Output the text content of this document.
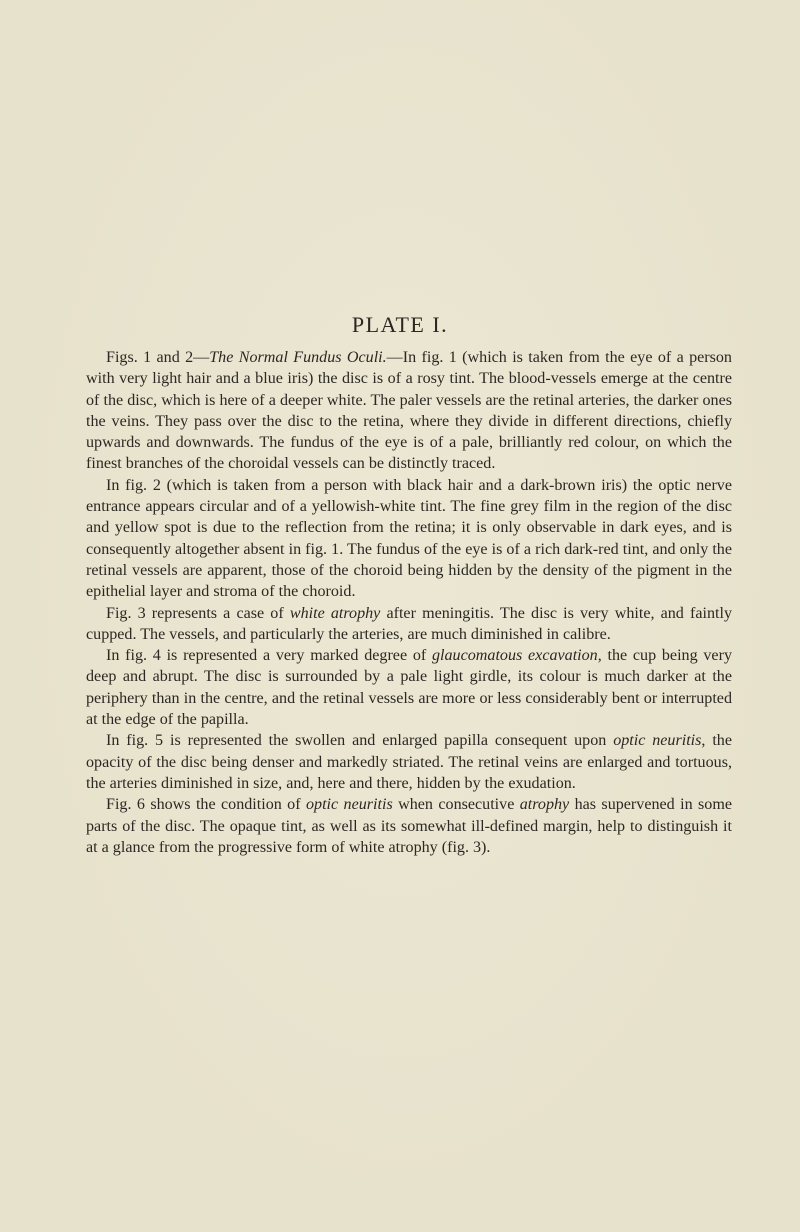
PLATE I.

Figs. 1 and 2—The Normal Fundus Oculi.—In fig. 1 (which is taken from the eye of a person with very light hair and a blue iris) the disc is of a rosy tint. The blood-vessels emerge at the centre of the disc, which is here of a deeper white. The paler vessels are the retinal arteries, the darker ones the veins. They pass over the disc to the retina, where they divide in different directions, chiefly upwards and downwards. The fundus of the eye is of a pale, brilliantly red colour, on which the finest branches of the choroidal vessels can be distinctly traced.

In fig. 2 (which is taken from a person with black hair and a dark-brown iris) the optic nerve entrance appears circular and of a yellowish-white tint. The fine grey film in the region of the disc and yellow spot is due to the reflection from the retina; it is only observable in dark eyes, and is consequently altogether absent in fig. 1. The fundus of the eye is of a rich dark-red tint, and only the retinal vessels are apparent, those of the choroid being hidden by the density of the pigment in the epithelial layer and stroma of the choroid.

Fig. 3 represents a case of white atrophy after meningitis. The disc is very white, and faintly cupped. The vessels, and particularly the arteries, are much diminished in calibre.

In fig. 4 is represented a very marked degree of glaucomatous excavation, the cup being very deep and abrupt. The disc is surrounded by a pale light girdle, its colour is much darker at the periphery than in the centre, and the retinal vessels are more or less considerably bent or interrupted at the edge of the papilla.

In fig. 5 is represented the swollen and enlarged papilla consequent upon optic neuritis, the opacity of the disc being denser and markedly striated. The retinal veins are enlarged and tortuous, the arteries diminished in size, and, here and there, hidden by the exudation.

Fig. 6 shows the condition of optic neuritis when consecutive atrophy has supervened in some parts of the disc. The opaque tint, as well as its somewhat ill-defined margin, help to distinguish it at a glance from the progressive form of white atrophy (fig. 3).
